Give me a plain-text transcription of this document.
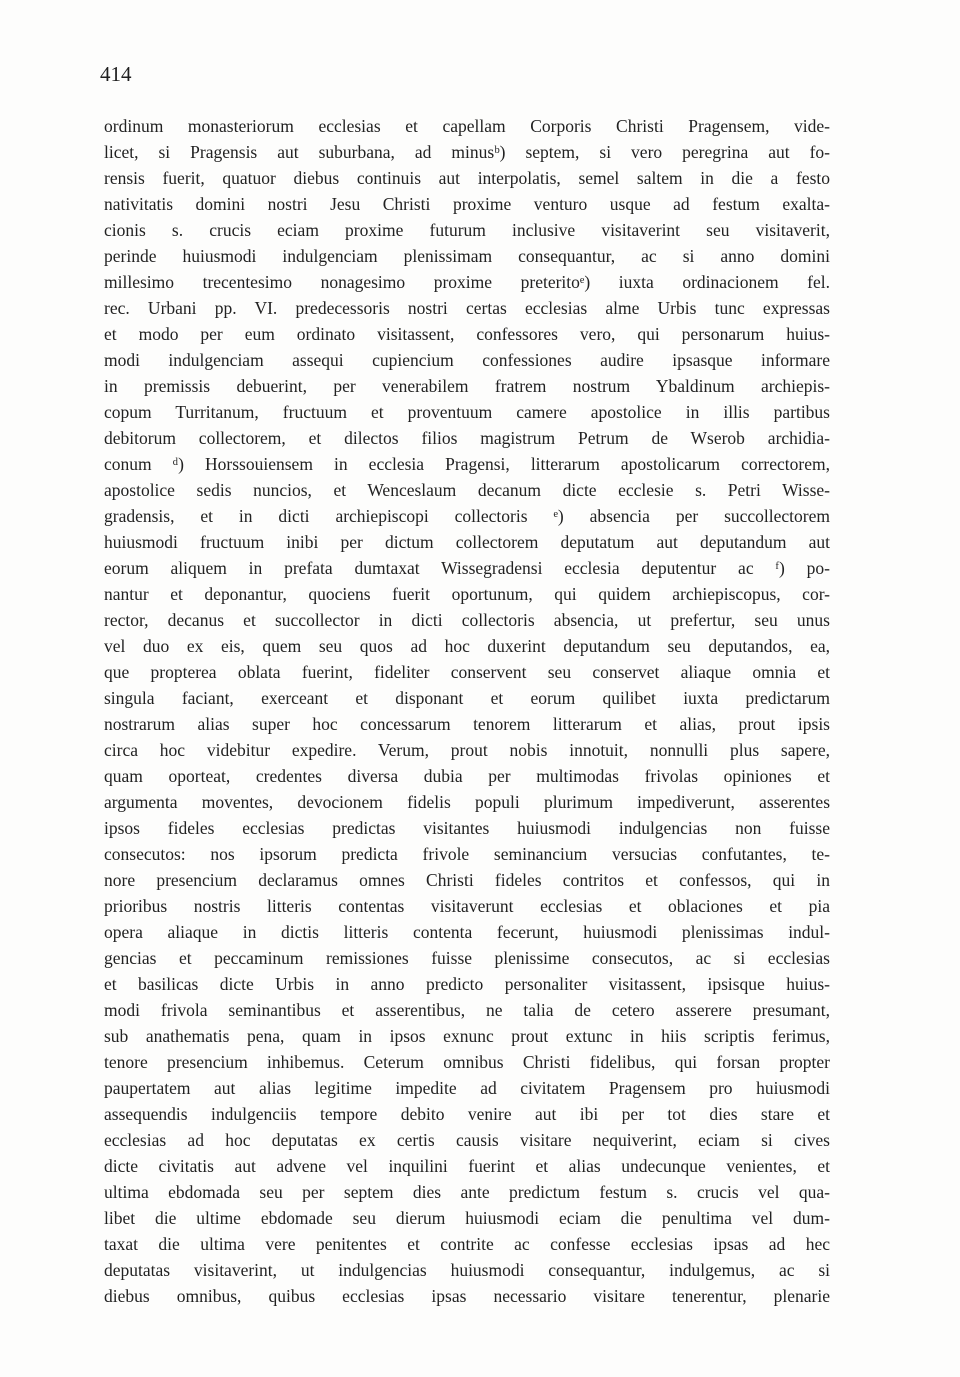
414
ordinum monasteriorum ecclesias et capellam Corporis Christi Pragensem, vide-
licet, si Pragensis aut suburbana, ad minusᵇ) septem, si vero peregrina aut fo-
rensis fuerit, quatuor diebus continuis aut interpolatis, semel saltem in die a festo
nativitatis domini nostri Jesu Christi proxime venturo usque ad festum exalta-
cionis s. crucis eciam proxime futurum inclusive visitaverint seu visitaverit,
perinde huiusmodi indulgenciam plenissimam consequantur, ac si anno domini
millesimo trecentesimo nonagesimo proxime preteritoᵉ) iuxta ordinacionem fel.
rec. Urbani pp. VI. predecessoris nostri certas ecclesias alme Urbis tunc expressas
et modo per eum ordinato visitassent, confessores vero, qui personarum huius-
modi indulgenciam assequi cupiencium confessiones audire ipsasque informare
in premissis debuerint, per venerabilem fratrem nostrum Ybaldinum archiepis-
copum Turritanum, fructuum et proventuum camere apostolice in illis partibus
debitorum collectorem, et dilectos filios magistrum Petrum de Wserob archidia-
conum ᵈ) Horssouiensem in ecclesia Pragensi, litterarum apostolicarum correctorem,
apostolice sedis nuncios, et Wenceslaum decanum dicte ecclesie s. Petri Wisse-
gradensis, et in dicti archiepiscopi collectoris ᵉ) absencia per succollectorem
huiusmodi fructuum inibi per dictum collectorem deputatum aut deputandum aut
eorum aliquem in prefata dumtaxat Wissegradensi ecclesia deputentur ac ᶠ) po-
nantur et deponantur, quociens fuerit oportunum, qui quidem archiepiscopus, cor-
rector, decanus et succollector in dicti collectoris absencia, ut prefertur, seu unus
vel duo ex eis, quem seu quos ad hoc duxerint deputandum seu deputandos, ea,
que propterea oblata fuerint, fideliter conservent seu conservet aliaque omnia et
singula faciant, exerceant et disponant et eorum quilibet iuxta predictarum
nostrarum alias super hoc concessarum tenorem litterarum et alias, prout ipsis
circa hoc videbitur expedire. Verum, prout nobis innotuit, nonnulli plus sapere,
quam oporteat, credentes diversa dubia per multimodas frivolas opiniones et
argumenta moventes, devocionem fidelis populi plurimum impediverunt, asserentes
ipsos fideles ecclesias predictas visitantes huiusmodi indulgencias non fuisse
consecutos: nos ipsorum predicta frivole seminancium versucias confutantes, te-
nore presencium declaramus omnes Christi fideles contritos et confessos, qui in
prioribus nostris litteris contentas visitaverunt ecclesias et oblaciones et pia
opera aliaque in dictis litteris contenta fecerunt, huiusmodi plenissimas indul-
gencias et peccaminum remissiones fuisse plenissime consecutos, ac si ecclesias
et basilicas dicte Urbis in anno predicto personaliter visitassent, ipsisque huius-
modi frivola seminantibus et asserentibus, ne talia de cetero asserere presumant,
sub anathematis pena, quam in ipsos exnunc prout extunc in hiis scriptis ferimus,
tenore presencium inhibemus. Ceterum omnibus Christi fidelibus, qui forsan propter
paupertatem aut alias legitime impedite ad civitatem Pragensem pro huiusmodi
assequendis indulgenciis tempore debito venire aut ibi per tot dies stare et
ecclesias ad hoc deputatas ex certis causis visitare nequiverint, eciam si cives
dicte civitatis aut advene vel inquilini fuerint et alias undecunque venientes, et
ultima ebdomada seu per septem dies ante predictum festum s. crucis vel qua-
libet die ultime ebdomade seu dierum huiusmodi eciam die penultima vel dum-
taxat die ultima vere penitentes et contrite ac confesse ecclesias ipsas ad hec
deputatas visitaverint, ut indulgencias huiusmodi consequantur, indulgemus, ac si
diebus omnibus, quibus ecclesias ipsas necessario visitare tenerentur, plenarie
